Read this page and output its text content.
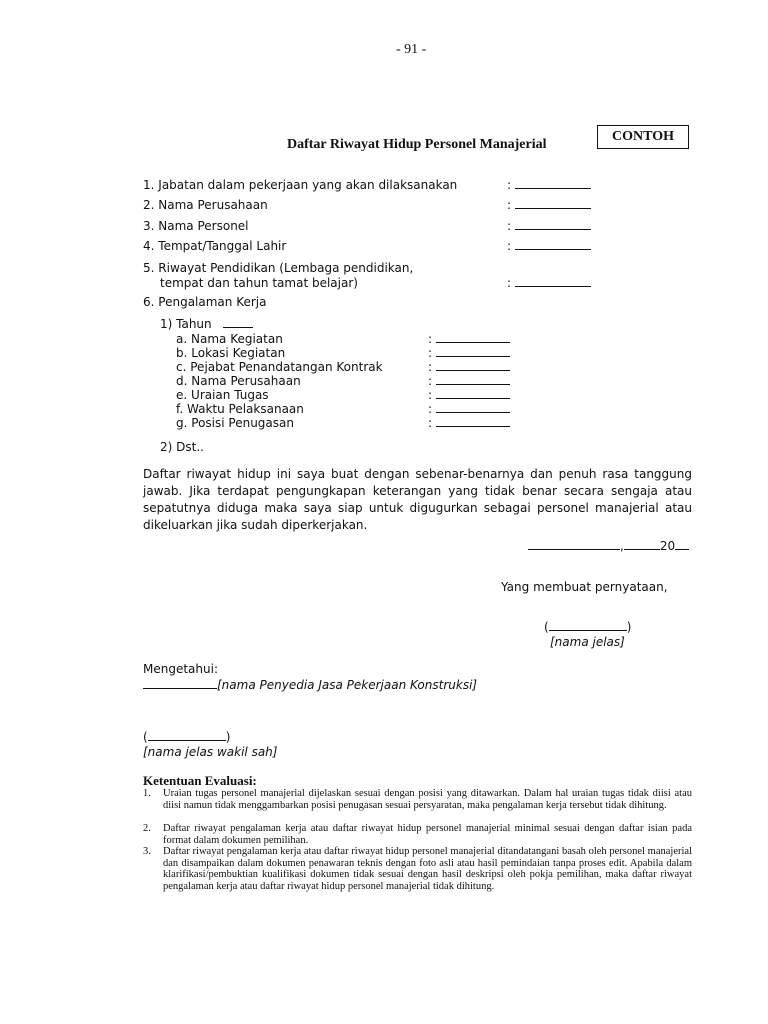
- 91 -
Daftar Riwayat Hidup Personel Manajerial
CONTOH
1. Jabatan dalam pekerjaan yang akan dilaksanakan	:
2. Nama Perusahaan	:
3. Nama Personel	:
4. Tempat/Tanggal Lahir	:
5. Riwayat Pendidikan (Lembaga pendidikan,
tempat dan tahun tamat belajar)	:
6. Pengalaman Kerja
1) Tahun
a. Nama Kegiatan	:
b. Lokasi Kegiatan	:
c. Pejabat Penandatangan Kontrak	:
d. Nama Perusahaan	:
e. Uraian Tugas	:
f. Waktu Pelaksanaan	:
g. Posisi Penugasan	:
2) Dst..
Daftar riwayat hidup ini saya buat dengan sebenar-benarnya dan penuh rasa tanggung
jawab. Jika terdapat pengungkapan keterangan yang tidak benar secara sengaja atau
sepatutnya diduga maka saya siap untuk digugurkan sebagai personel manajerial atau
dikeluarkan jika sudah diperkerjakan.
,	20
Yang membuat pernyataan,
(	)
[nama jelas]
Mengetahui:
[nama Penyedia Jasa Pekerjaan Konstruksi]
(	)
[nama jelas wakil sah]
Ketentuan Evaluasi:
1. Uraian tugas personel manajerial dijelaskan sesuai dengan posisi yang ditawarkan. Dalam hal uraian tugas tidak diisi atau diisi namun tidak menggambarkan posisi penugasan sesuai persyaratan, maka pengalaman kerja tersebut tidak dihitung.
2. Daftar riwayat pengalaman kerja atau daftar riwayat hidup personel manajerial minimal sesuai dengan daftar isian pada format dalam dokumen pemilihan.
3. Daftar riwayat pengalaman kerja atau daftar riwayat hidup personel manajerial ditandatangani basah oleh personel manajerial dan disampaikan dalam dokumen penawaran teknis dengan foto asli atau hasil pemindaian tanpa proses edit. Apabila dalam klarifikasi/pembuktian kualifikasi dokumen tidak sesuai dengan hasil deskripsi oleh pokja pemilihan, maka daftar riwayat pengalaman kerja atau daftar riwayat hidup personel manajerial tidak dihitung.
